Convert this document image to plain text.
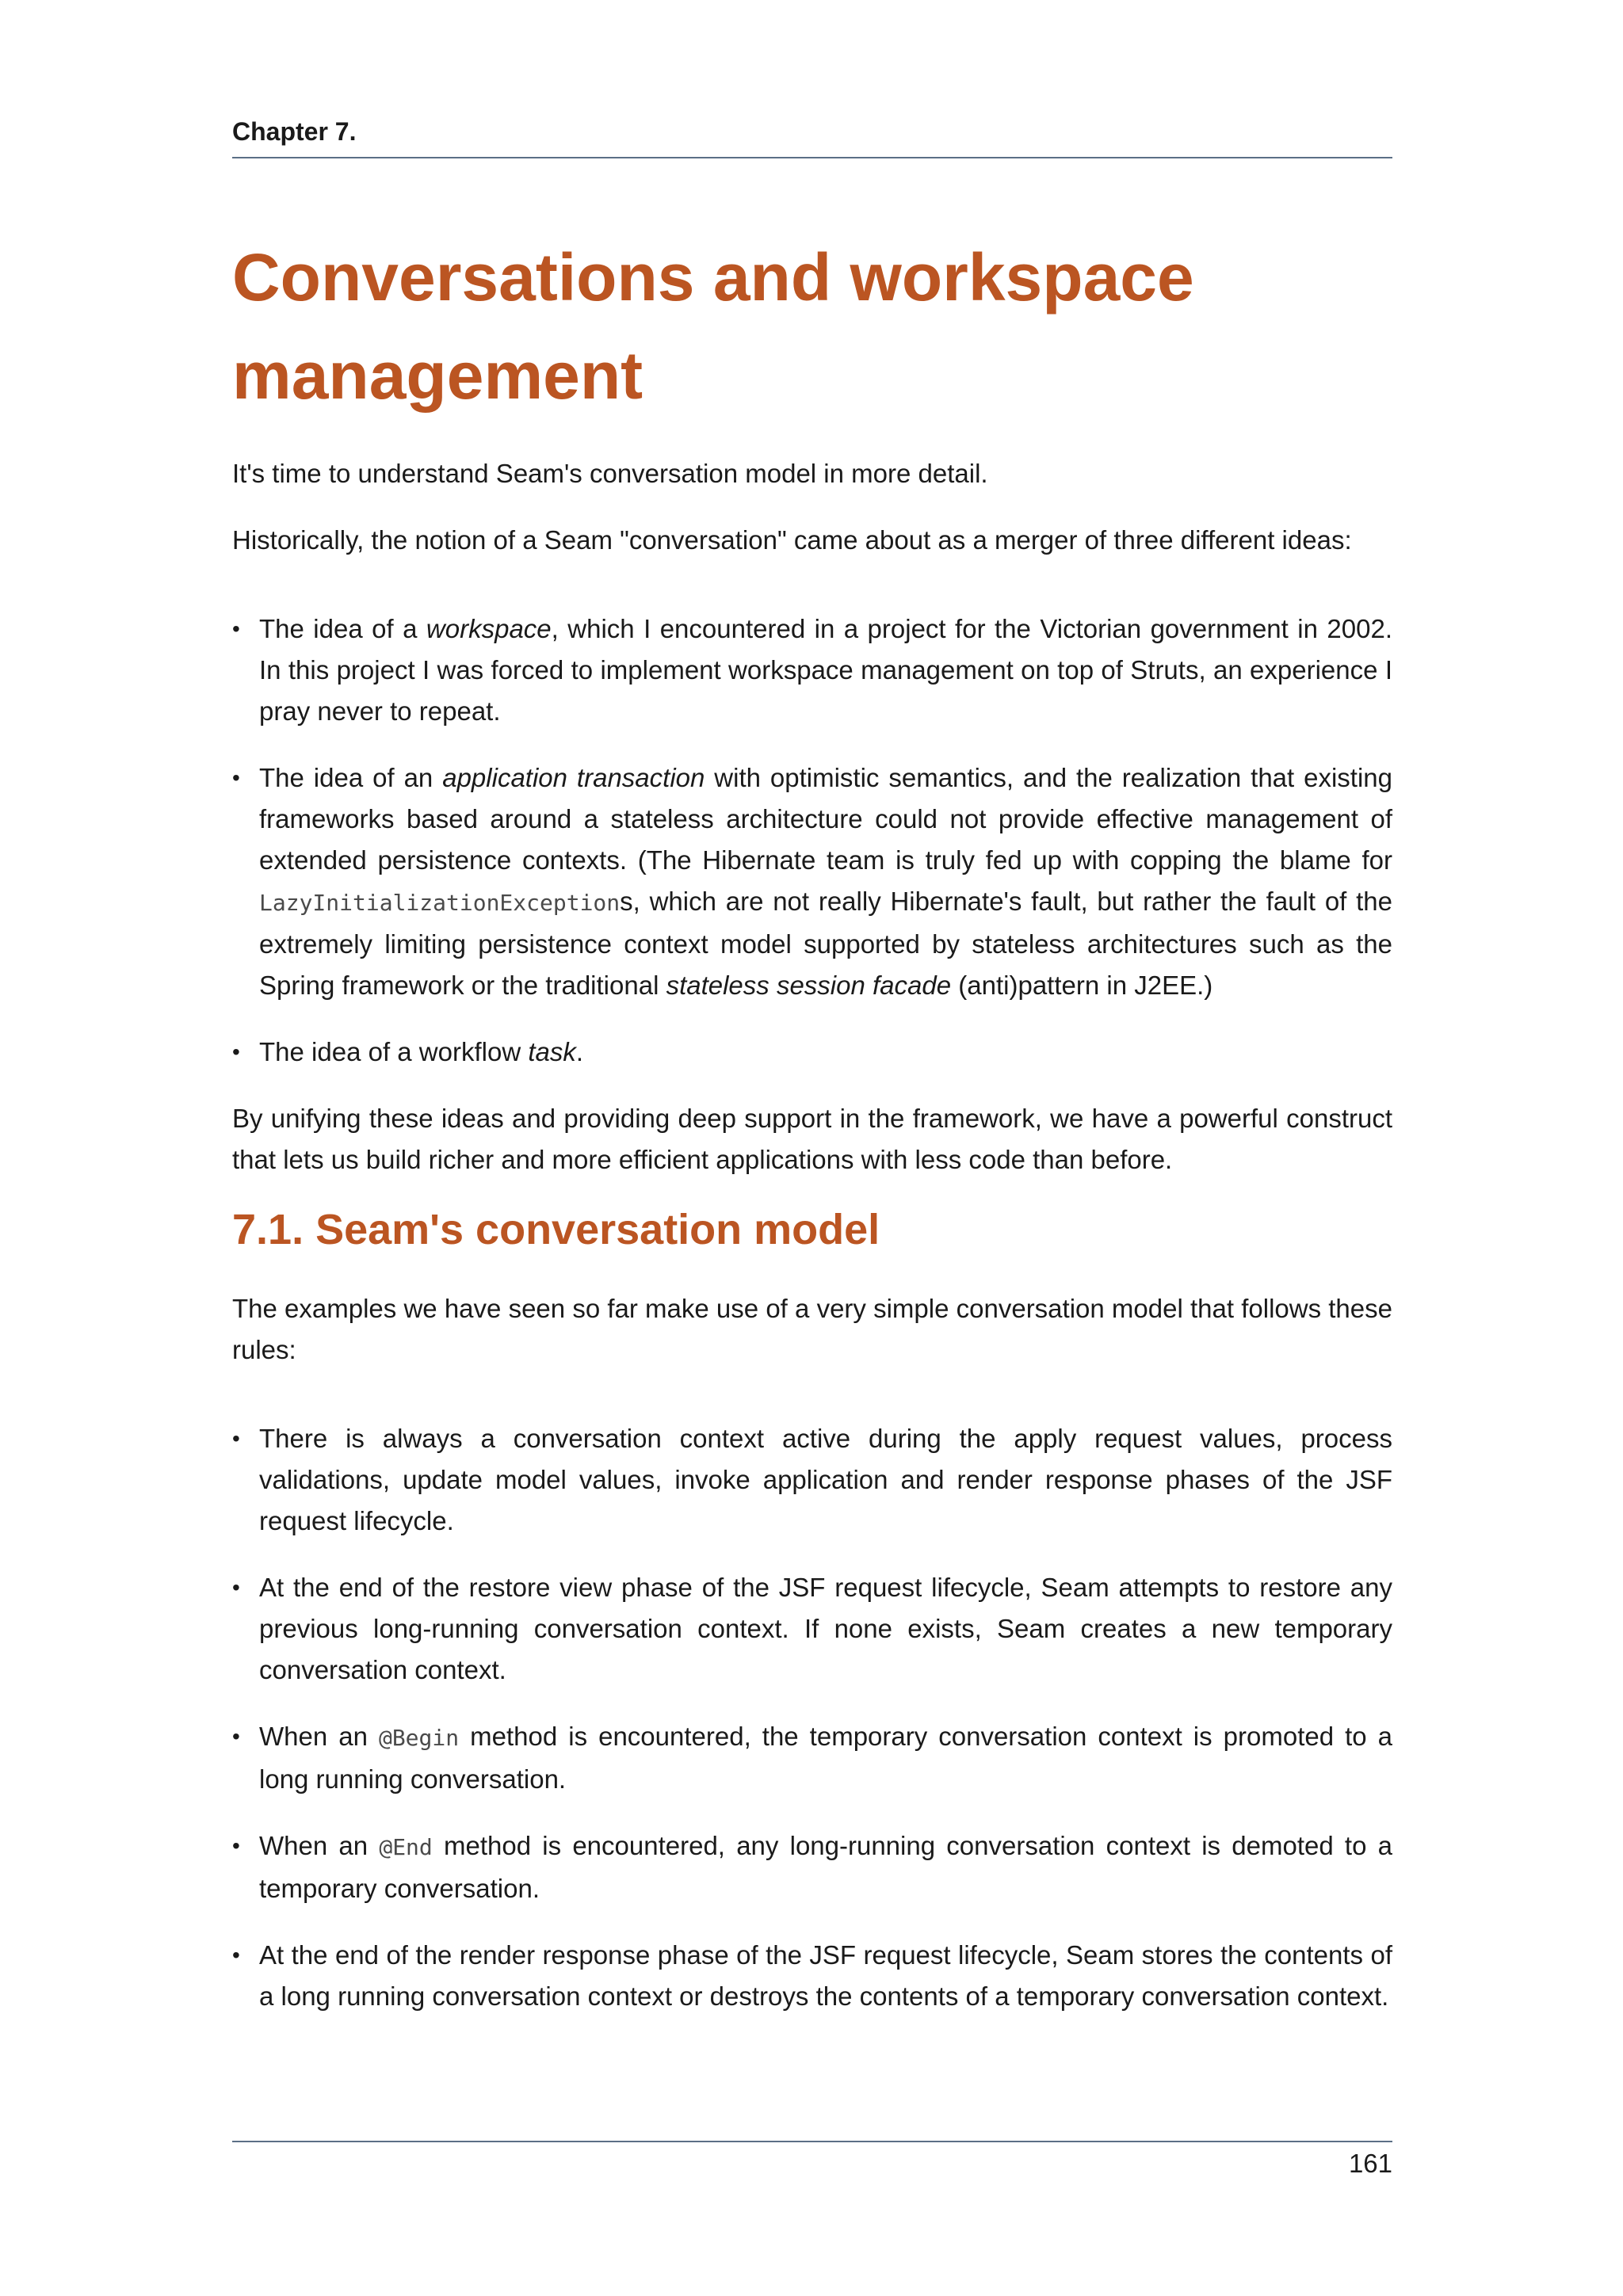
Chapter 7.
Conversations and workspace management

It's time to understand Seam's conversation model in more detail.

Historically, the notion of a Seam "conversation" came about as a merger of three different ideas:

• The idea of a workspace, which I encountered in a project for the Victorian government in 2002. In this project I was forced to implement workspace management on top of Struts, an experience I pray never to repeat.
• The idea of an application transaction with optimistic semantics, and the realization that existing frameworks based around a stateless architecture could not provide effective management of extended persistence contexts. (The Hibernate team is truly fed up with copping the blame for LazyInitializationExceptions, which are not really Hibernate's fault, but rather the fault of the extremely limiting persistence context model supported by stateless architectures such as the Spring framework or the traditional stateless session facade (anti)pattern in J2EE.)
• The idea of a workflow task.

By unifying these ideas and providing deep support in the framework, we have a powerful construct that lets us build richer and more efficient applications with less code than before.

7.1. Seam's conversation model

The examples we have seen so far make use of a very simple conversation model that follows these rules:

• There is always a conversation context active during the apply request values, process validations, update model values, invoke application and render response phases of the JSF request lifecycle.
• At the end of the restore view phase of the JSF request lifecycle, Seam attempts to restore any previous long-running conversation context. If none exists, Seam creates a new temporary conversation context.
• When an @Begin method is encountered, the temporary conversation context is promoted to a long running conversation.
• When an @End method is encountered, any long-running conversation context is demoted to a temporary conversation.
• At the end of the render response phase of the JSF request lifecycle, Seam stores the contents of a long running conversation context or destroys the contents of a temporary conversation context.
161
